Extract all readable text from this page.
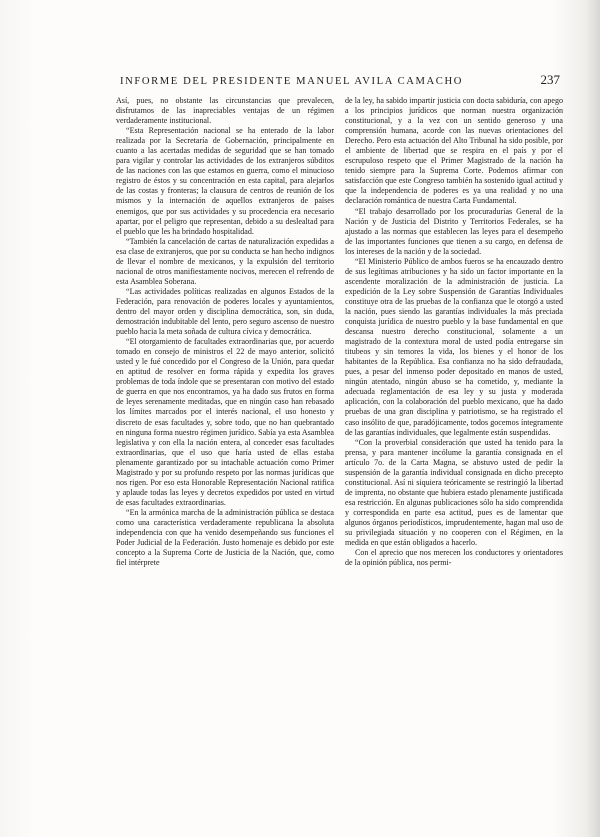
INFORME DEL PRESIDENTE MANUEL AVILA CAMACHO	237

Así, pues, no obstante las circunstancias que prevalecen, disfrutamos de las inapreciables ventajas de un régimen verdaderamente institucional.

“Esta Representación nacional se ha enterado de la labor realizada por la Secretaría de Gobernación, principalmente en cuanto a las acertadas medidas de seguridad que se han tomado para vigilar y controlar las actividades de los extranjeros súbditos de las naciones con las que estamos en guerra, como el minucioso registro de éstos y su concentración en esta capital, para alejarlos de las costas y fronteras; la clausura de centros de reunión de los mismos y la internación de aquellos extranjeros de países enemigos, que por sus actividades y su procedencia era necesario apartar, por el peligro que representan, debido a su deslealtad para el pueblo que les ha brindado hospitalidad.

“También la cancelación de cartas de naturalización expedidas a esa clase de extranjeros, que por su conducta se han hecho indignos de llevar el nombre de mexicanos, y la expulsión del territorio nacional de otros manifiestamente nocivos, merecen el refrendo de esta Asamblea Soberana.

“Las actividades políticas realizadas en algunos Estados de la Federación, para renovación de poderes locales y ayuntamientos, dentro del mayor orden y disciplina democrática, son, sin duda, demostración indubitable del lento, pero seguro ascenso de nuestro pueblo hacia la meta soñada de cultura cívica y democrática.

“El otorgamiento de facultades extraordinarias que, por acuerdo tomado en consejo de ministros el 22 de mayo anterior, solicitó usted y le fué concedido por el Congreso de la Unión, para quedar en aptitud de resolver en forma rápida y expedita los graves problemas de toda índole que se presentaran con motivo del estado de guerra en que nos encontramos, ya ha dado sus frutos en forma de leyes serenamente meditadas, que en ningún caso han rebasado los límites marcados por el interés nacional, el uso honesto y discreto de esas facultades y, sobre todo, que no han quebrantado en ninguna forma nuestro régimen jurídico. Sabía ya esta Asamblea legislativa y con ella la nación entera, al conceder esas facultades extraordinarias, que el uso que haría usted de ellas estaba plenamente garantizado por su intachable actuación como Primer Magistrado y por su profundo respeto por las normas jurídicas que nos rigen. Por eso esta Honorable Representación Nacional ratifica y aplaude todas las leyes y decretos expedidos por usted en virtud de esas facultades extraordinarias.

“En la armónica marcha de la administración pública se destaca como una característica verdaderamente republicana la absoluta independencia con que ha venido desempeñando sus funciones el Poder Judicial de la Federación. Justo homenaje es debido por este concepto a la Suprema Corte de Justicia de la Nación, que, como fiel intérprete

de la ley, ha sabido impartir justicia con docta sabiduría, con apego a los principios jurídicos que norman nuestra organización constitucional, y a la vez con un sentido generoso y una comprensión humana, acorde con las nuevas orientaciones del Derecho. Pero esta actuación del Alto Tribunal ha sido posible, por el ambiente de libertad que se respira en el país y por el escrupuloso respeto que el Primer Magistrado de la nación ha tenido siempre para la Suprema Corte. Podemos afirmar con satisfacción que este Congreso también ha sostenido igual actitud y que la independencia de poderes es ya una realidad y no una declaración romántica de nuestra Carta Fundamental.

“El trabajo desarrollado por los procuradurías General de la Nación y de Justicia del Distrito y Territorios Federales, se ha ajustado a las normas que establecen las leyes para el desempeño de las importantes funciones que tienen a su cargo, en defensa de los intereses de la nación y de la sociedad.

“El Ministerio Público de ambos fueros se ha encauzado dentro de sus legítimas atribuciones y ha sido un factor importante en la ascendente moralización de la administración de justicia. La expedición de la Ley sobre Suspensión de Garantías Individuales constituye otra de las pruebas de la confianza que le otorgó a usted la nación, pues siendo las garantías individuales la más preciada conquista jurídica de nuestro pueblo y la base fundamental en que descansa nuestro derecho constitucional, solamente a un magistrado de la contextura moral de usted podía entregarse sin titubeos y sin temores la vida, los bienes y el honor de los habitantes de la República. Esa confianza no ha sido defraudada, pues, a pesar del inmenso poder depositado en manos de usted, ningún atentado, ningún abuso se ha cometido, y, mediante la adecuada reglamentación de esa ley y su justa y moderada aplicación, con la colaboración del pueblo mexicano, que ha dado pruebas de una gran disciplina y patriotismo, se ha registrado el caso insólito de que, paradójicamente, todos gocemos íntegramente de las garantías individuales, que legalmente están suspendidas.

“Con la proverbial consideración que usted ha tenido para la prensa, y para mantener incólume la garantía consignada en el artículo 7o. de la Carta Magna, se abstuvo usted de pedir la suspensión de la garantía individual consignada en dicho precepto constitucional. Así ni siquiera teóricamente se restringió la libertad de imprenta, no obstante que hubiera estado plenamente justificada esa restricción. En algunas publicaciones sólo ha sido comprendida y correspondida en parte esa actitud, pues es de lamentar que algunos órganos periodísticos, imprudentemente, hagan mal uso de su privilegiada situación y no cooperen con el Régimen, en la medida en que están obligados a hacerlo.

Con el aprecio que nos merecen los conductores y orientadores de la opinión pública, nos permi-
